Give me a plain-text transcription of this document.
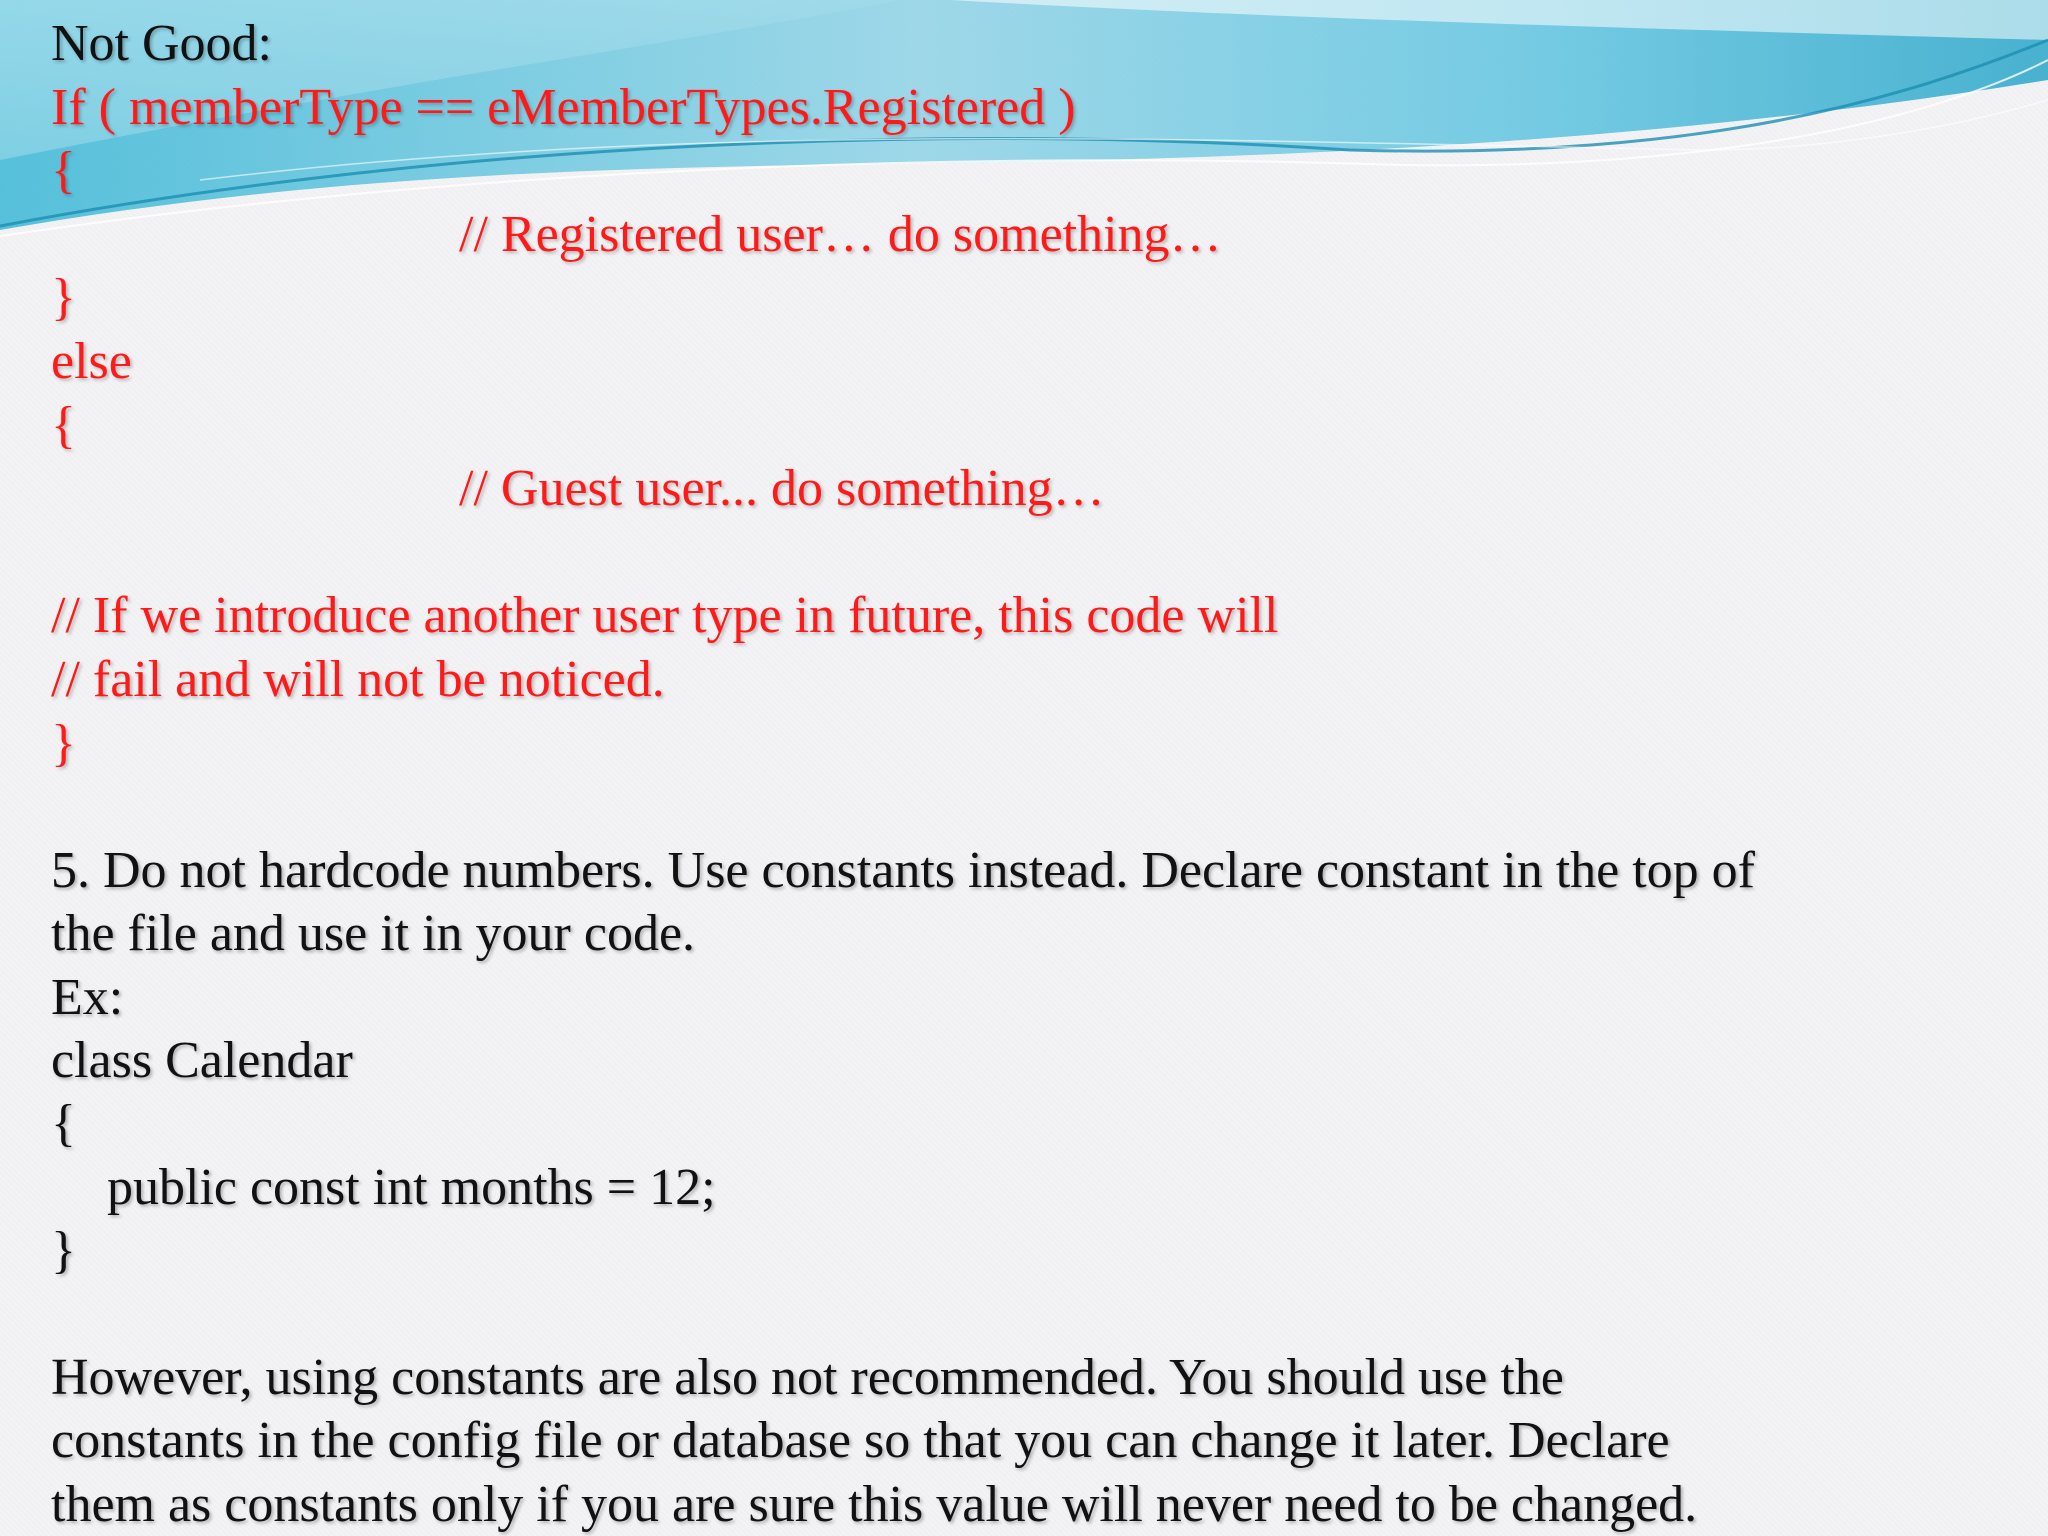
Not Good:
If ( memberType == eMemberTypes.Registered )
{
// Registered user… do something…
}
else
{
// Guest user... do something…
// If we introduce another user type in future, this code will
// fail and will not be noticed.
}
5. Do not hardcode numbers. Use constants instead. Declare constant in the top of
the file and use it in your code.
Ex:
class Calendar
{
public const int months = 12;
}
However, using constants are also not recommended. You should use the
constants in the config file or database so that you can change it later. Declare
them as constants only if you are sure this value will never need to be changed.
